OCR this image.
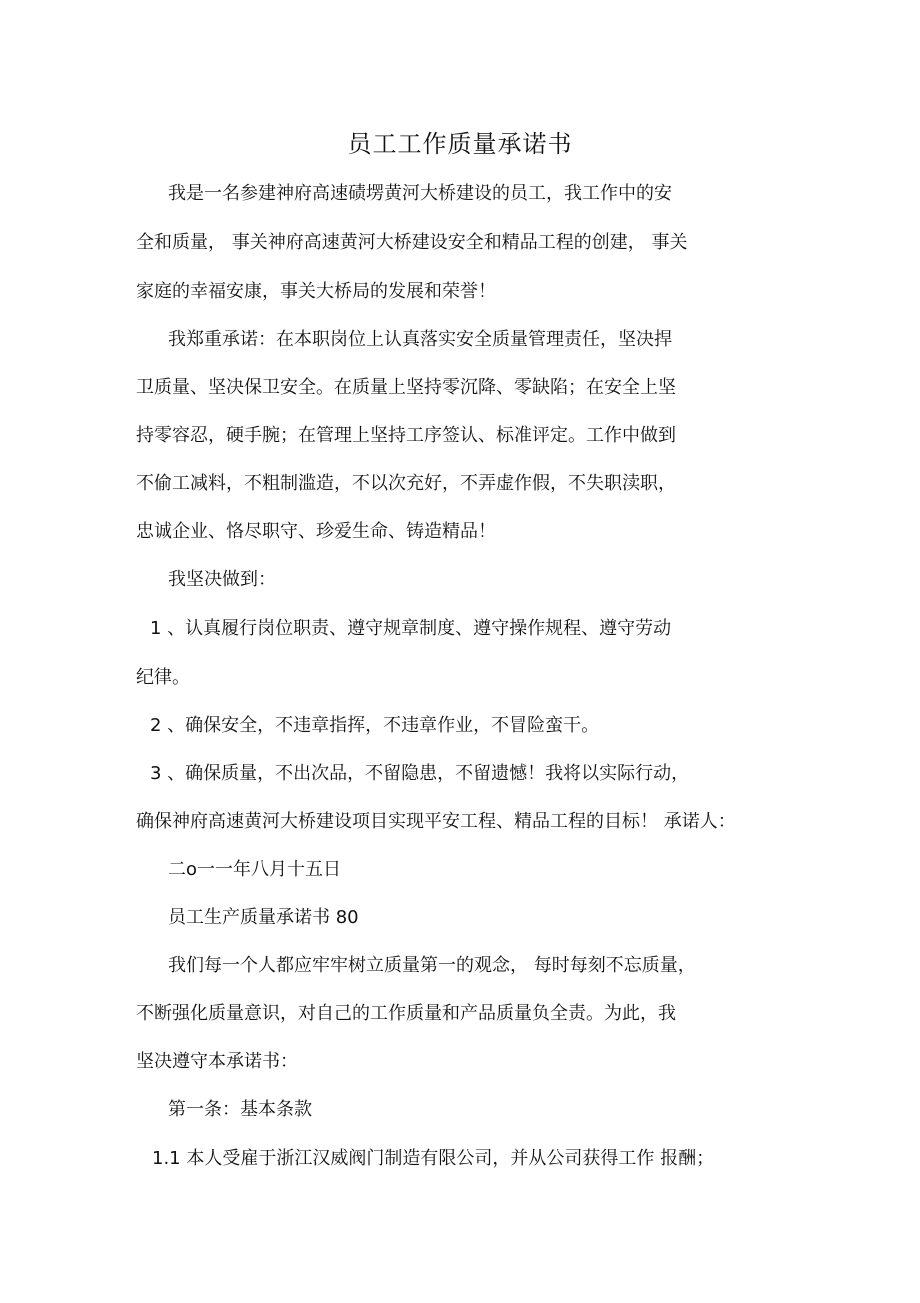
员工工作质量承诺书
我是一名参建神府高速碛塄黄河大桥建设的员工，我工作中的安
全和质量， 事关神府高速黄河大桥建设安全和精品工程的创建， 事关
家庭的幸福安康，事关大桥局的发展和荣誉！
我郑重承诺：在本职岗位上认真落实安全质量管理责任，坚决捍
卫质量、坚决保卫安全。在质量上坚持零沉降、零缺陷；在安全上坚
持零容忍，硬手腕；在管理上坚持工序签认、标准评定。工作中做到
不偷工减料，不粗制滥造，不以次充好，不弄虚作假，不失职渎职，
忠诚企业、恪尽职守、珍爱生命、铸造精品！
我坚决做到：
1 、认真履行岗位职责、遵守规章制度、遵守操作规程、遵守劳动
纪律。
2 、确保安全，不违章指挥，不违章作业，不冒险蛮干。
3 、确保质量，不出次品，不留隐患，不留遗憾！我将以实际行动，
确保神府高速黄河大桥建设项目实现平安工程、精品工程的目标！ 承诺人：
二o一一年八月十五日
员工生产质量承诺书 80
我们每一个人都应牢牢树立质量第一的观念， 每时每刻不忘质量，
不断强化质量意识，对自己的工作质量和产品质量负全责。为此，我
坚决遵守本承诺书：
第一条：基本条款
1.1 本人受雇于浙江汉威阀门制造有限公司，并从公司获得工作 报酬；
